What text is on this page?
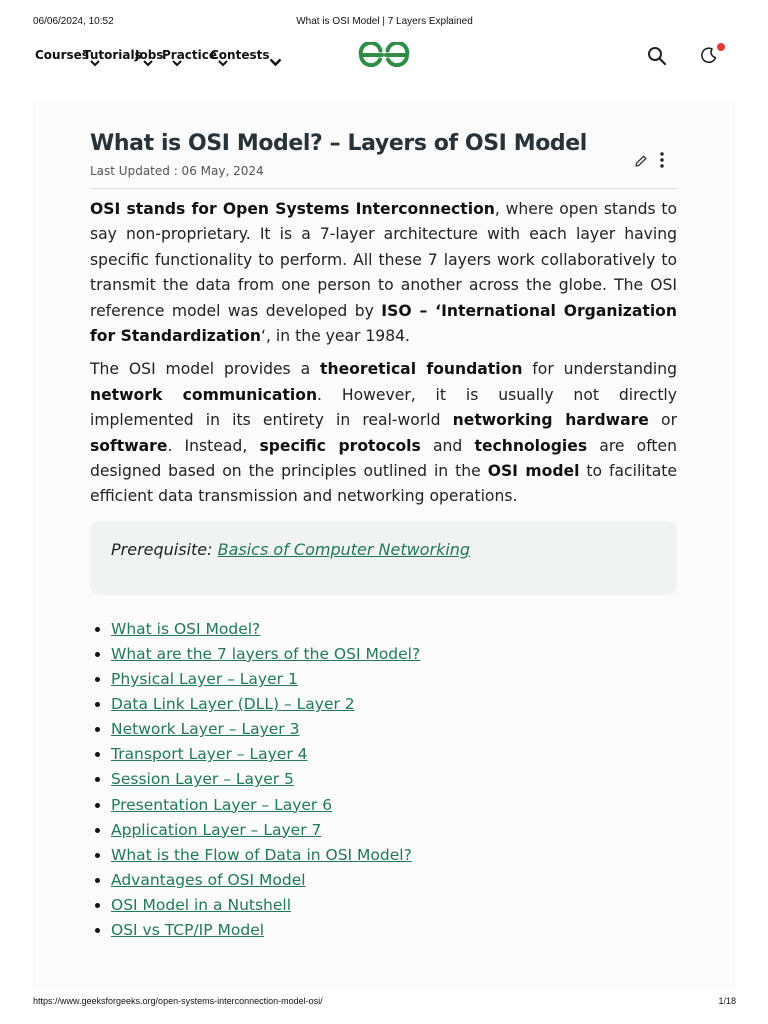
06/06/2024, 10:52	What is OSI Model | 7 Layers Explained
Courses
Tutorials
Jobs
Practice
Contests
What is OSI Model? – Layers of OSI Model
Last Updated : 06 May, 2024

OSI stands for Open Systems Interconnection, where open stands to say non-proprietary. It is a 7-layer architecture with each layer having specific functionality to perform. All these 7 layers work collaboratively to transmit the data from one person to another across the globe. The OSI reference model was developed by ISO – ‘International Organization for Standardization‘, in the year 1984.

The OSI model provides a theoretical foundation for understanding network communication. However, it is usually not directly implemented in its entirety in real-world networking hardware or software. Instead, specific protocols and technologies are often designed based on the principles outlined in the OSI model to facilitate efficient data transmission and networking operations.

Prerequisite: Basics of Computer Networking
• What is OSI Model?
• What are the 7 layers of the OSI Model?
• Physical Layer – Layer 1
• Data Link Layer (DLL) – Layer 2
• Network Layer – Layer 3
• Transport Layer – Layer 4
• Session Layer – Layer 5
• Presentation Layer – Layer 6
• Application Layer – Layer 7
• What is the Flow of Data in OSI Model?
• Advantages of OSI Model
• OSI Model in a Nutshell
• OSI vs TCP/IP Model
https://www.geeksforgeeks.org/open-systems-interconnection-model-osi/	1/18
